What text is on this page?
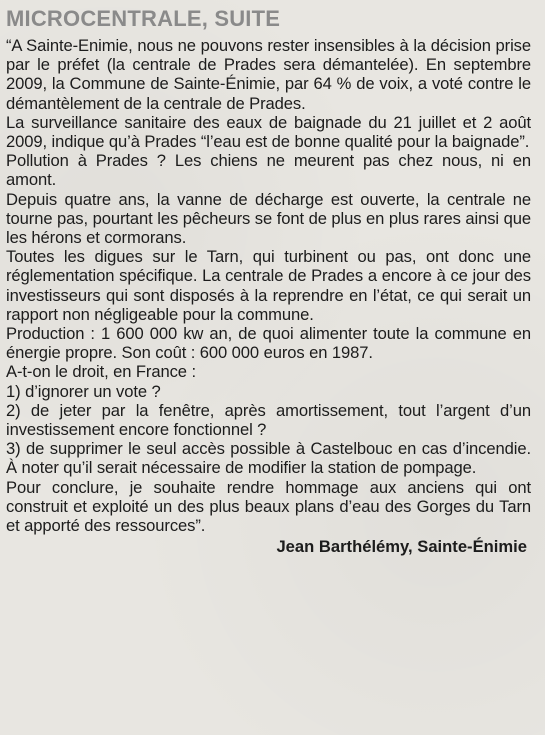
MICROCENTRALE, SUITE

“A Sainte-Enimie, nous ne pouvons rester insensibles à la décision prise par le préfet (la centrale de Prades sera démantelée). En septembre 2009, la Commune de Sainte-Énimie, par 64 % de voix, a voté contre le démantèlement de la centrale de Prades.

La surveillance sanitaire des eaux de baignade du 21 juillet et 2 août 2009, indique qu’à Prades “l’eau est de bonne qualité pour la baignade”.

Pollution à Prades ? Les chiens ne meurent pas chez nous, ni en amont.

Depuis quatre ans, la vanne de décharge est ouverte, la centrale ne tourne pas, pourtant les pêcheurs se font de plus en plus rares ainsi que les hérons et cormorans.

Toutes les digues sur le Tarn, qui turbinent ou pas, ont donc une réglementation spécifique. La centrale de Prades a encore à ce jour des investisseurs qui sont disposés à la reprendre en l’état, ce qui serait un rapport non négligeable pour la commune.

Production : 1 600 000 kw an, de quoi alimenter toute la commune en énergie propre. Son coût : 600 000 euros en 1987.

A-t-on le droit, en France :

1) d’ignorer un vote ?

2) de jeter par la fenêtre, après amortissement, tout l’argent d’un investissement encore fonctionnel ?

3) de supprimer le seul accès possible à Castelbouc en cas d’incendie. À noter qu’il serait nécessaire de modifier la station de pompage.

Pour conclure, je souhaite rendre hommage aux anciens qui ont construit et exploité un des plus beaux plans d’eau des Gorges du Tarn et apporté des ressources”.

Jean Barthélémy, Sainte-Énimie
